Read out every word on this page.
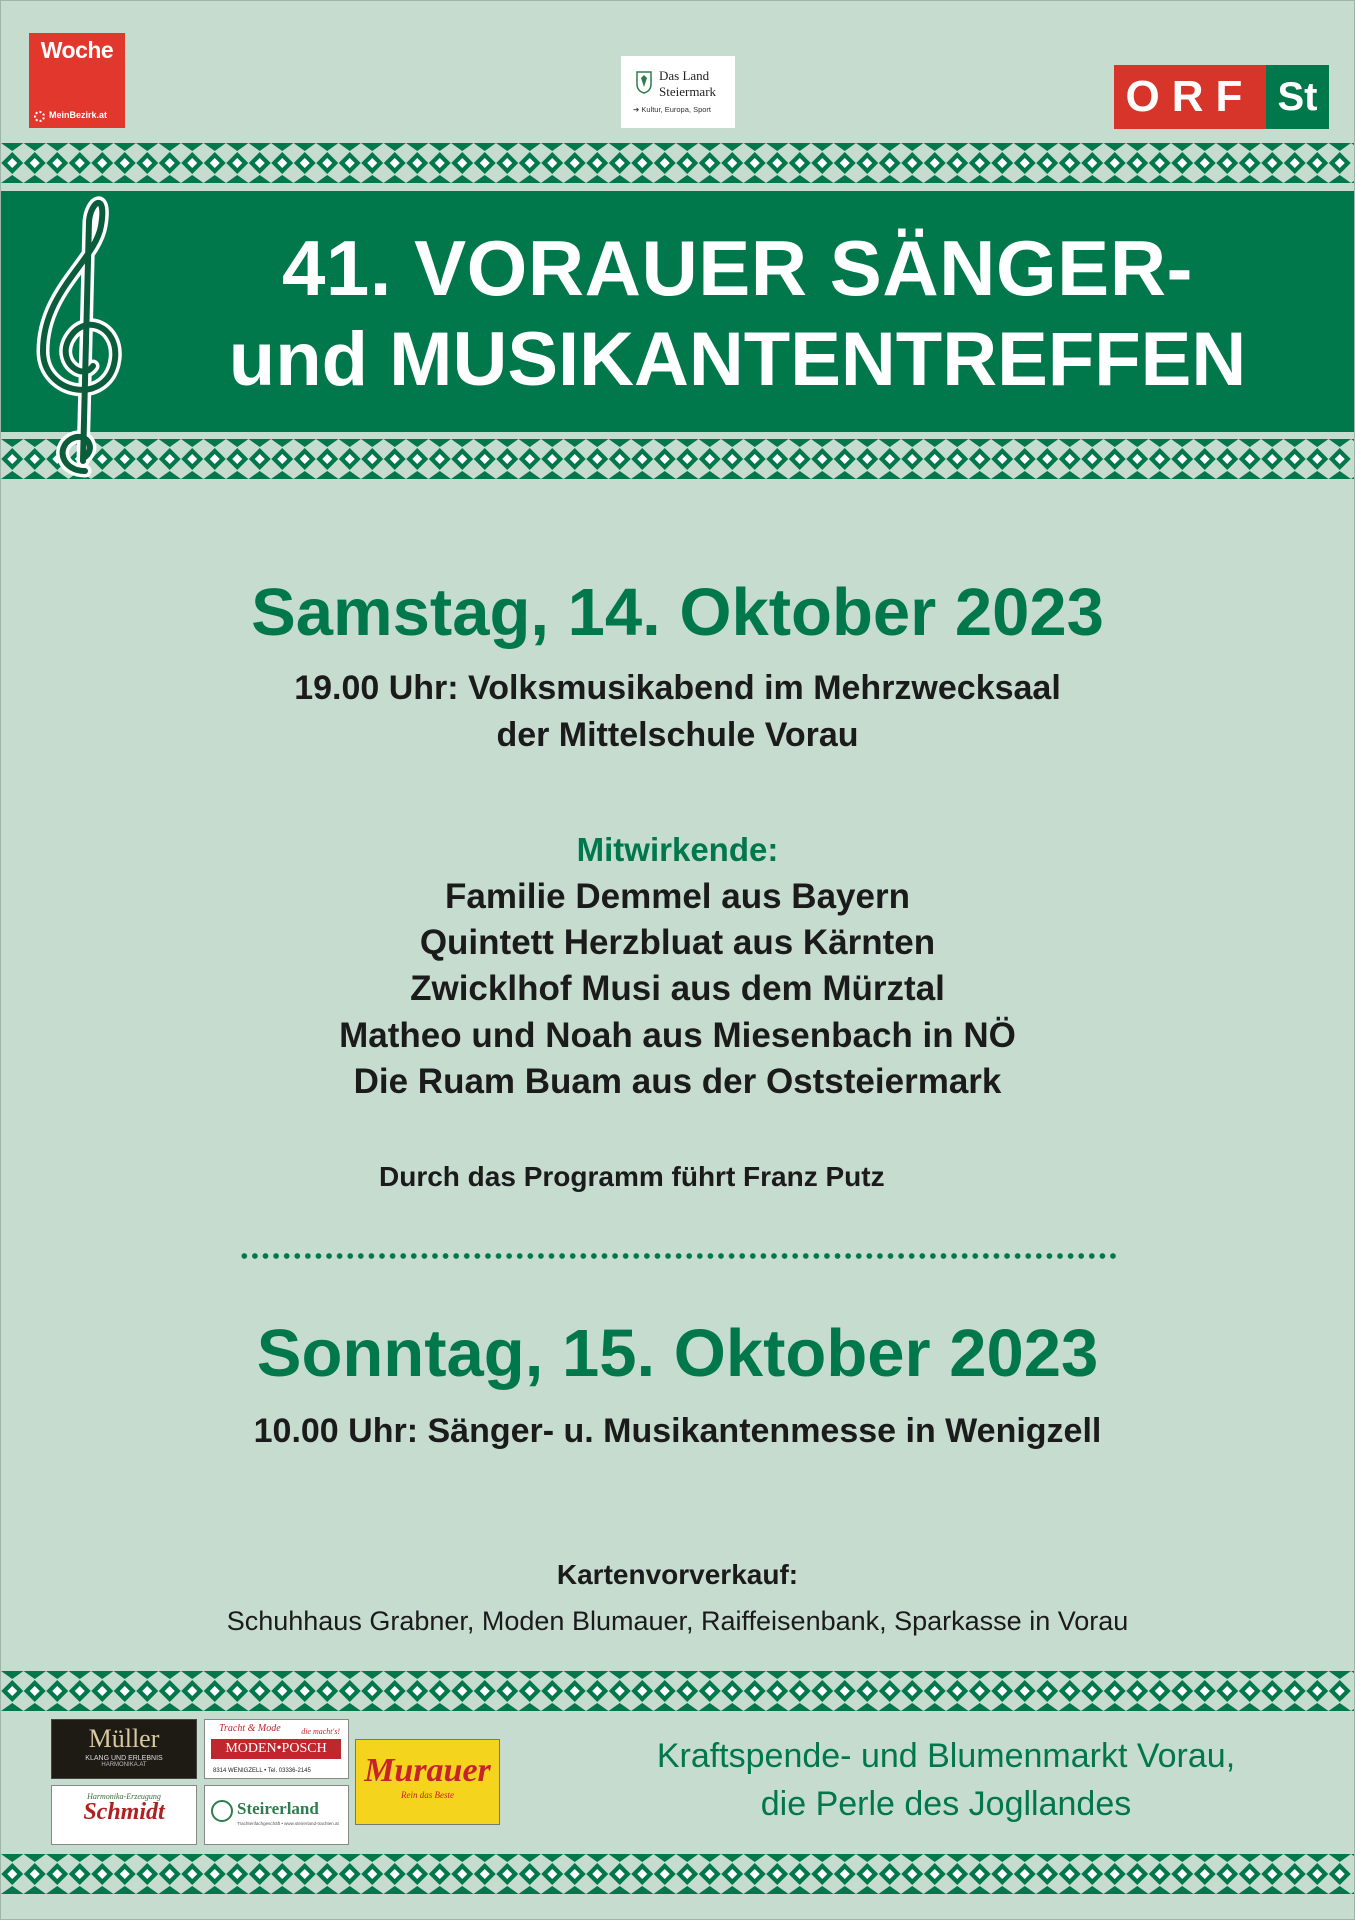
Woche
MeinBezirk.at
Das Land
Steiermark
➔ Kultur, Europa, Sport	ORF St
41. VORAUER SÄNGER-
und MUSIKANTENTREFFEN
Samstag, 14. Oktober 2023
19.00 Uhr: Volksmusikabend im Mehrzwecksaal
der Mittelschule Vorau
Mitwirkende:
Familie Demmel aus Bayern
Quintett Herzbluat aus Kärnten
Zwicklhof Musi aus dem Mürztal
Matheo und Noah aus Miesenbach in NÖ
Die Ruam Buam aus der Oststeiermark
Durch das Programm führt Franz Putz
Sonntag, 15. Oktober 2023
10.00 Uhr: Sänger- u. Musikantenmesse in Wenigzell
Kartenvorverkauf:
Schuhhaus Grabner, Moden Blumauer, Raiffeisenbank, Sparkasse in Vorau
Müller
KLANG UND ERLEBNIS
HARMONIKA.AT
Tracht & Mode	die macht's!
MODEN•POSCH
8314 WENIGZELL • Tel. 03336-2145
Harmonika-Erzeugung
Schmidt	Steirerland
Trachtenfachgeschäft • www.steirerland-trachten.at
Murauer
Rein das Beste
Kraftspende- und Blumenmarkt Vorau,
die Perle des Jogllandes
